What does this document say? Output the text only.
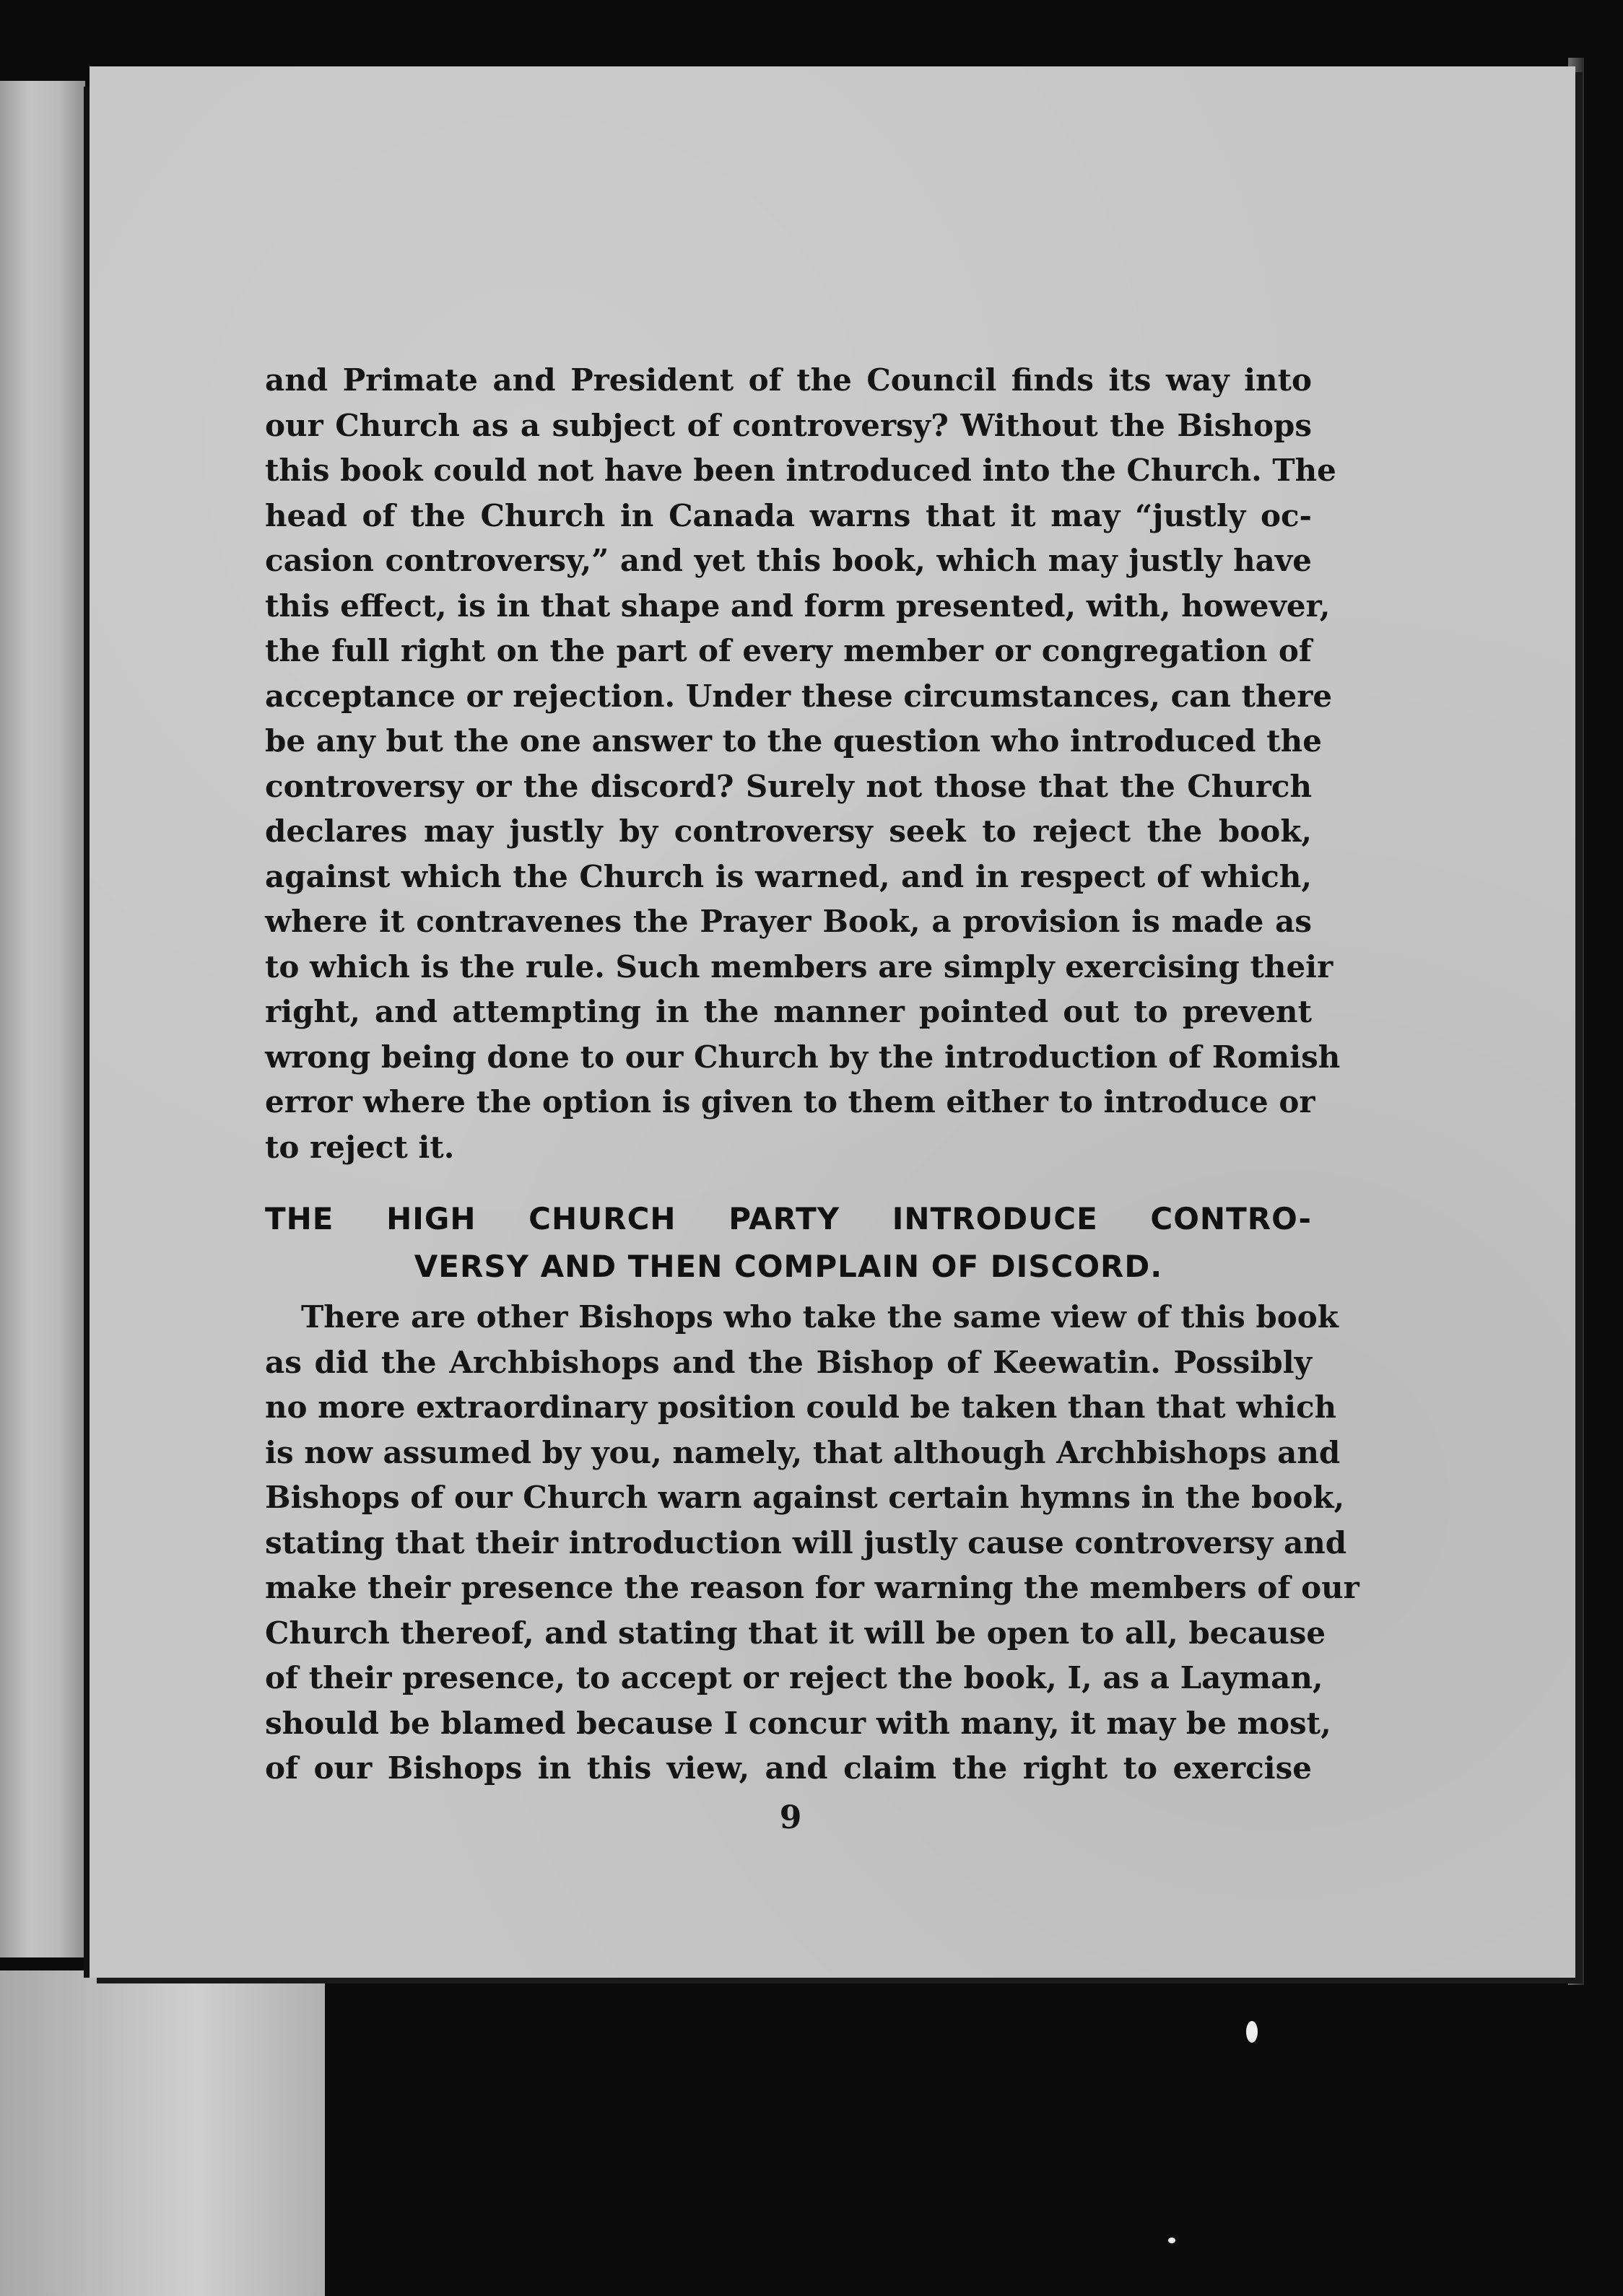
and Primate and President of the Council finds its way into
our Church as a subject of controversy? Without the Bishops
this book could not have been introduced into the Church. The
head of the Church in Canada warns that it may “justly oc-
casion controversy,” and yet this book, which may justly have
this effect, is in that shape and form presented, with, however,
the full right on the part of every member or congregation of
acceptance or rejection. Under these circumstances, can there
be any but the one answer to the question who introduced the
controversy or the discord? Surely not those that the Church
declares may justly by controversy seek to reject the book,
against which the Church is warned, and in respect of which,
where it contravenes the Prayer Book, a provision is made as
to which is the rule. Such members are simply exercising their
right, and attempting in the manner pointed out to prevent
wrong being done to our Church by the introduction of Romish
error where the option is given to them either to introduce or
to reject it.
THE HIGH CHURCH PARTY INTRODUCE CONTRO-
VERSY AND THEN COMPLAIN OF DISCORD.
There are other Bishops who take the same view of this book
as did the Archbishops and the Bishop of Keewatin. Possibly
no more extraordinary position could be taken than that which
is now assumed by you, namely, that although Archbishops and
Bishops of our Church warn against certain hymns in the book,
stating that their introduction will justly cause controversy and
make their presence the reason for warning the members of our
Church thereof, and stating that it will be open to all, because
of their presence, to accept or reject the book, I, as a Layman,
should be blamed because I concur with many, it may be most,
of our Bishops in this view, and claim the right to exercise
9
